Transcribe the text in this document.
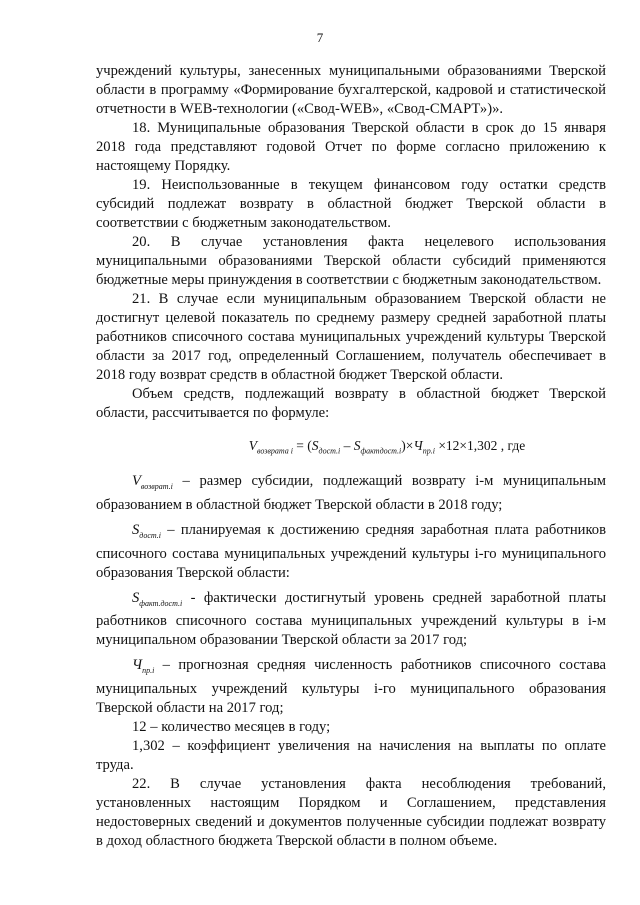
7

учреждений культуры, занесенных муниципальными образованиями Тверской области в программу «Формирование бухгалтерской, кадровой и статистической отчетности в WEB-технологии («Свод-WEB», «Свод-СМАРТ»)».

18. Муниципальные образования Тверской области в срок до 15 января 2018 года представляют годовой Отчет по форме согласно приложению к настоящему Порядку.

19. Неиспользованные в текущем финансовом году остатки средств субсидий подлежат возврату в областной бюджет Тверской области в соответствии с бюджетным законодательством.

20. В случае установления факта нецелевого использования муниципальными образованиями Тверской области субсидий применяются бюджетные меры принуждения в соответствии с бюджетным законодательством.

21. В случае если муниципальным образованием Тверской области не достигнут целевой показатель по среднему размеру средней заработной платы работников списочного состава муниципальных учреждений культуры Тверской области за 2017 год, определенный Соглашением, получатель обеспечивает в 2018 году возврат средств в областной бюджет Тверской области.

Объем средств, подлежащий возврату в областной бюджет Тверской области, рассчитывается по формуле:

$V_{возврата i} = (S_{дост.i} - S_{фактдост.i})\times Ч_{пр.i} \times 12\times 1,302$ , где

$V_{возврат.i}$ – размер субсидии, подлежащий возврату i-м муниципальным образованием в областной бюджет Тверской области в 2018 году;

$S_{дост.i}$ – планируемая к достижению средняя заработная плата работников списочного состава муниципальных учреждений культуры i-го муниципального образования Тверской области:

$S_{факт.дост.i}$ - фактически достигнутый уровень средней заработной платы работников списочного состава муниципальных учреждений культуры в i-м муниципальном образовании Тверской области за 2017 год;

$Ч_{пр.i}$ – прогнозная средняя численность работников списочного состава муниципальных учреждений культуры i-го муниципального образования Тверской области на 2017 год;

12 – количество месяцев в году;

1,302 – коэффициент увеличения на начисления на выплаты по оплате труда.

22. В случае установления факта несоблюдения требований, установленных настоящим Порядком и Соглашением, представления недостоверных сведений и документов полученные субсидии подлежат возврату в доход областного бюджета Тверской области в полном объеме.
